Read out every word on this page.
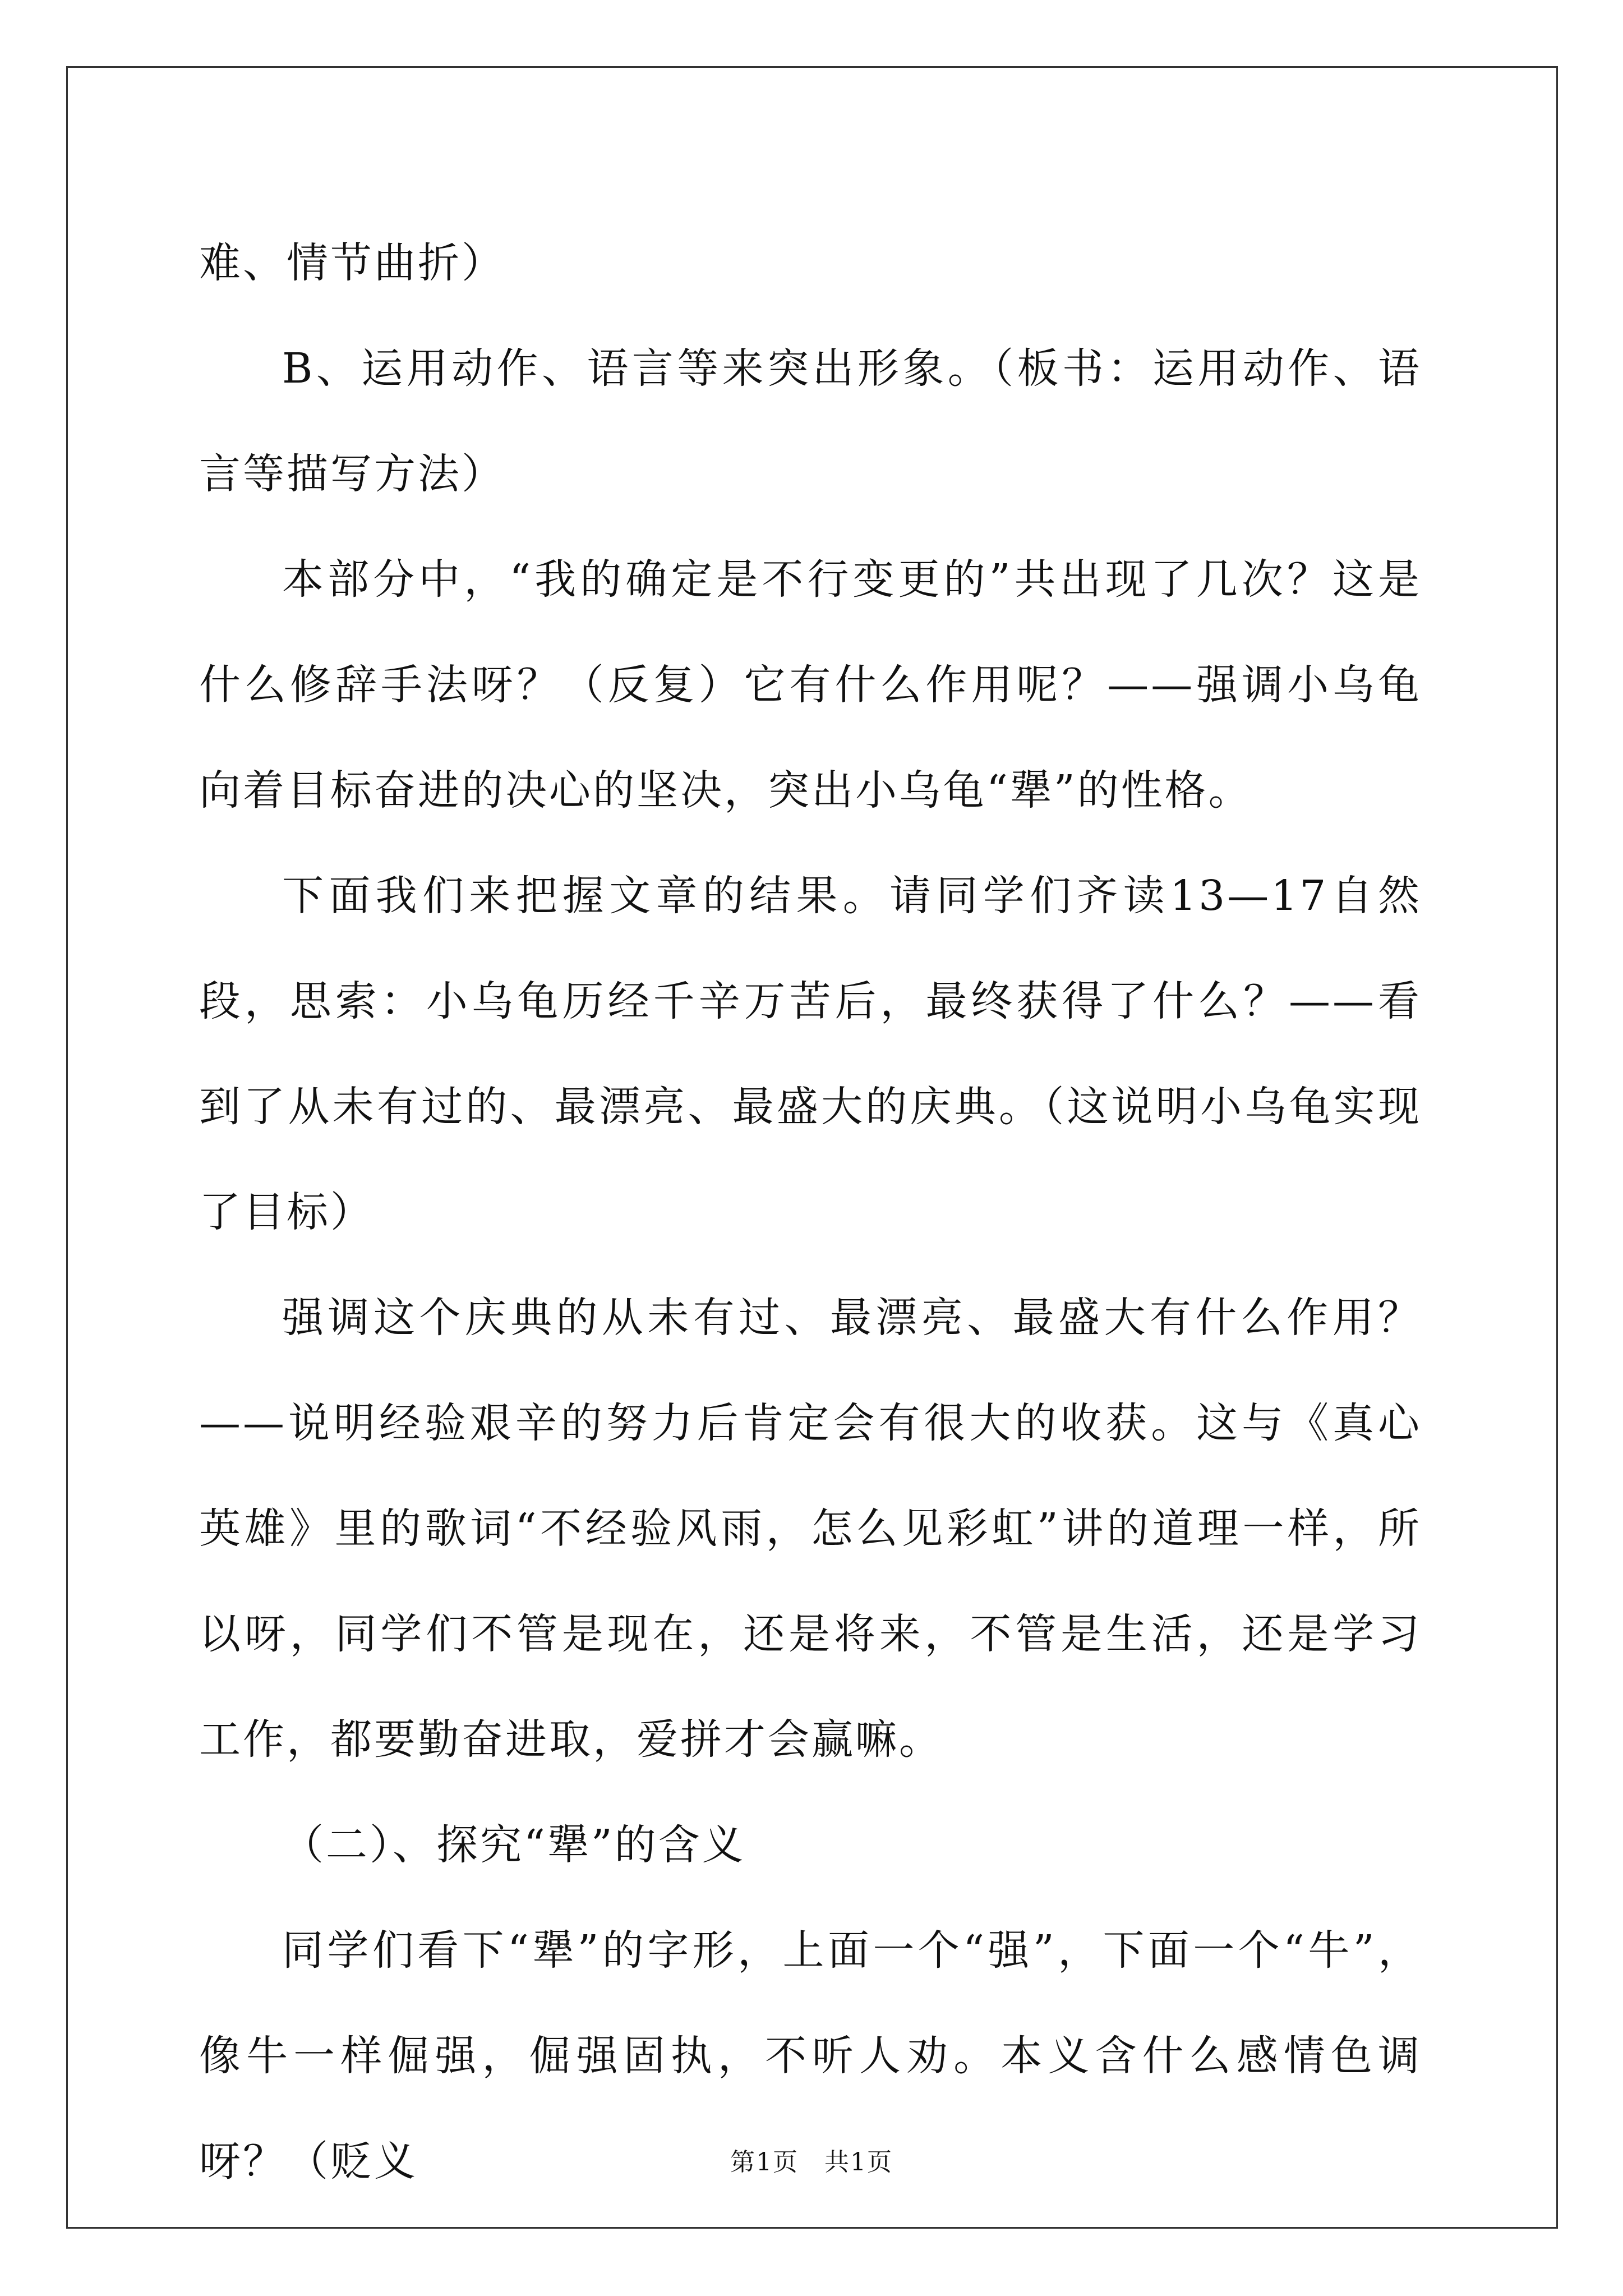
难、情节曲折）

B、运用动作、语言等来突出形象。（板书：运用动作、语言等描写方法）

本部分中，“我的确定是不行变更的”共出现了几次？这是什么修辞手法呀？（反复）它有什么作用呢？——强调小乌龟向着目标奋进的决心的坚决，突出小乌龟“犟”的性格。

下面我们来把握文章的结果。请同学们齐读13—17自然段，思索：小乌龟历经千辛万苦后，最终获得了什么？——看到了从未有过的、最漂亮、最盛大的庆典。（这说明小乌龟实现了目标）

强调这个庆典的从未有过、最漂亮、最盛大有什么作用？——说明经验艰辛的努力后肯定会有很大的收获。这与《真心英雄》里的歌词“不经验风雨，怎么见彩虹”讲的道理一样，所以呀，同学们不管是现在，还是将来，不管是生活，还是学习工作，都要勤奋进取，爱拼才会赢嘛。

（二）、探究“犟”的含义

同学们看下“犟”的字形，上面一个“强”，下面一个“牛”，像牛一样倔强，倔强固执，不听人劝。本义含什么感情色调呀？（贬义	第1页　共1页
